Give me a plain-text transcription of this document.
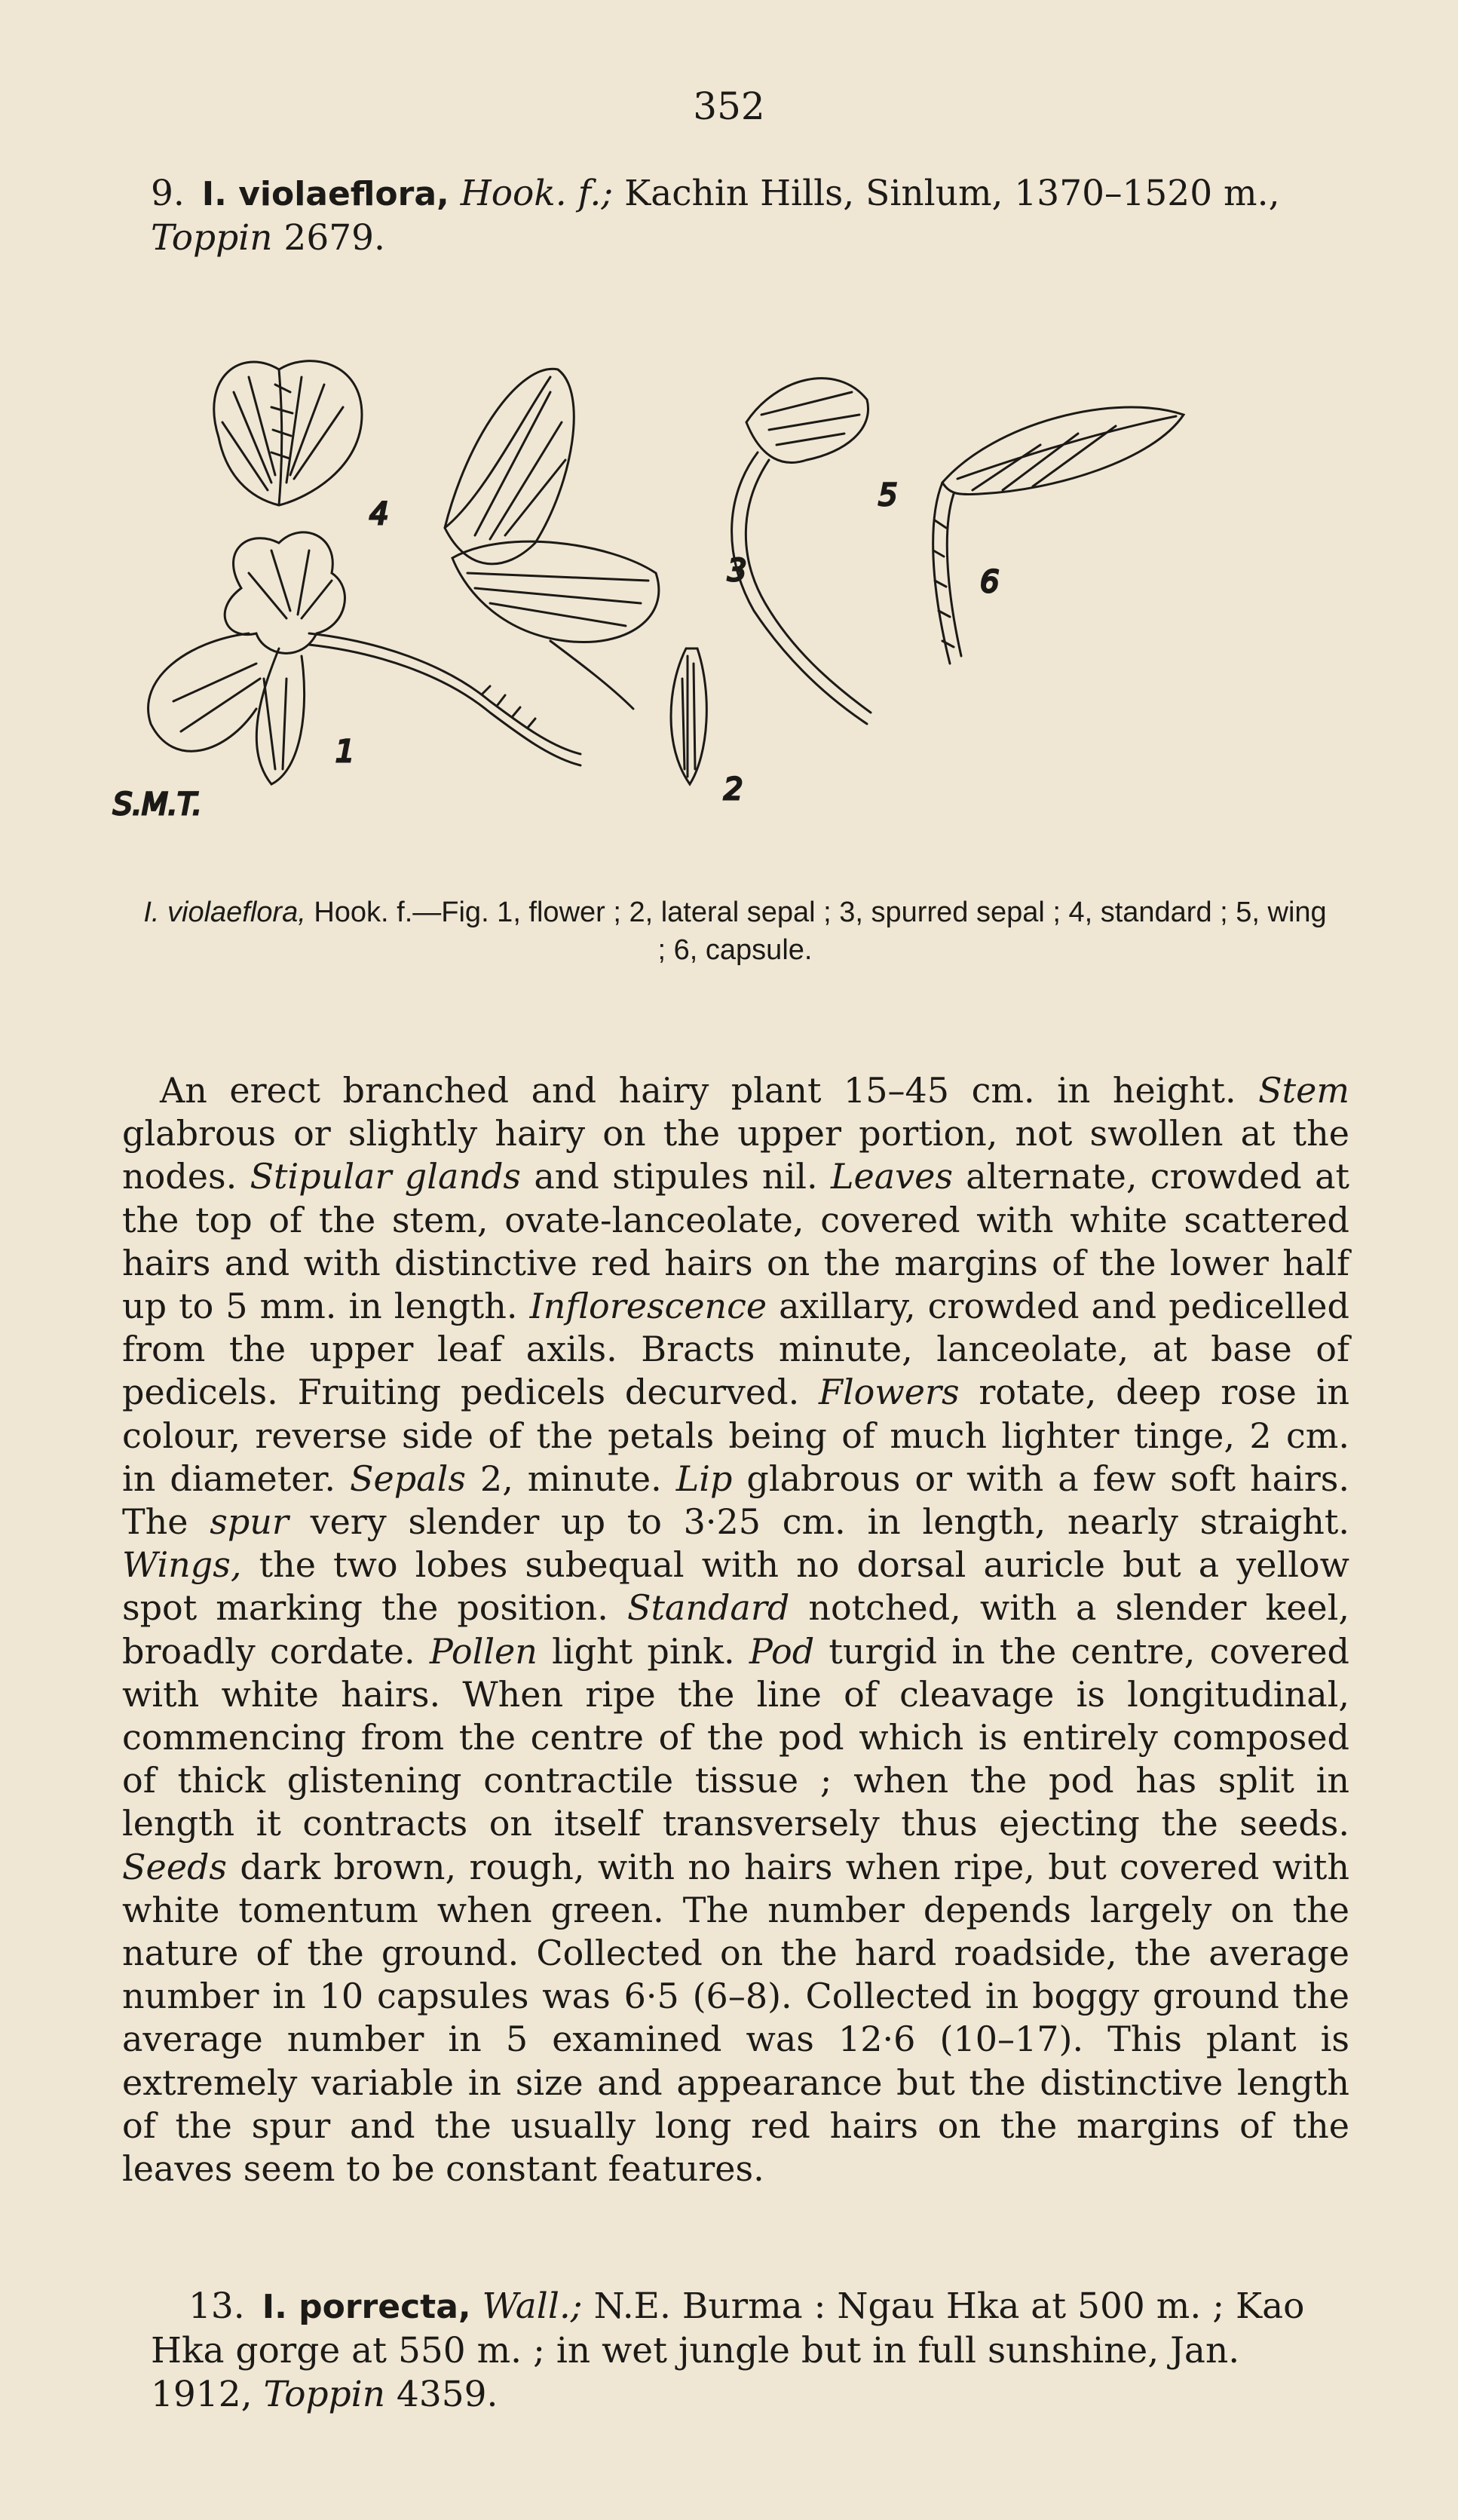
352
9. I. violaeflora, Hook. f.; Kachin Hills, Sinlum, 1370–1520 m., Toppin 2679.
4
1
5
3
2
6
S.M.T.
I. violaeflora, Hook. f.—Fig. 1, flower ; 2, lateral sepal ; 3, spurred sepal ; 4, standard ; 5, wing ; 6, capsule.
An erect branched and hairy plant 15–45 cm. in height. Stem glabrous or slightly hairy on the upper portion, not swollen at the nodes. Stipular glands and stipules nil. Leaves alternate, crowded at the top of the stem, ovate-lanceolate, covered with white scattered hairs and with distinctive red hairs on the margins of the lower half up to 5 mm. in length. Inflorescence axillary, crowded and pedicelled from the upper leaf axils. Bracts minute, lanceolate, at base of pedicels. Fruiting pedicels decurved. Flowers rotate, deep rose in colour, reverse side of the petals being of much lighter tinge, 2 cm. in diameter. Sepals 2, minute. Lip glabrous or with a few soft hairs. The spur very slender up to 3·25 cm. in length, nearly straight. Wings, the two lobes subequal with no dorsal auricle but a yellow spot marking the position. Standard notched, with a slender keel, broadly cordate. Pollen light pink. Pod turgid in the centre, covered with white hairs. When ripe the line of cleavage is longitudinal, commencing from the centre of the pod which is entirely composed of thick glistening contractile tissue ; when the pod has split in length it contracts on itself transversely thus ejecting the seeds. Seeds dark brown, rough, with no hairs when ripe, but covered with white tomentum when green. The number depends largely on the nature of the ground. Collected on the hard roadside, the average number in 10 capsules was 6·5 (6–8). Collected in boggy ground the average number in 5 examined was 12·6 (10–17). This plant is extremely variable in size and appearance but the distinctive length of the spur and the usually long red hairs on the margins of the leaves seem to be constant features.
13. I. porrecta, Wall.; N.E. Burma : Ngau Hka at 500 m. ; Kao Hka gorge at 550 m. ; in wet jungle but in full sunshine, Jan. 1912, Toppin 4359.
